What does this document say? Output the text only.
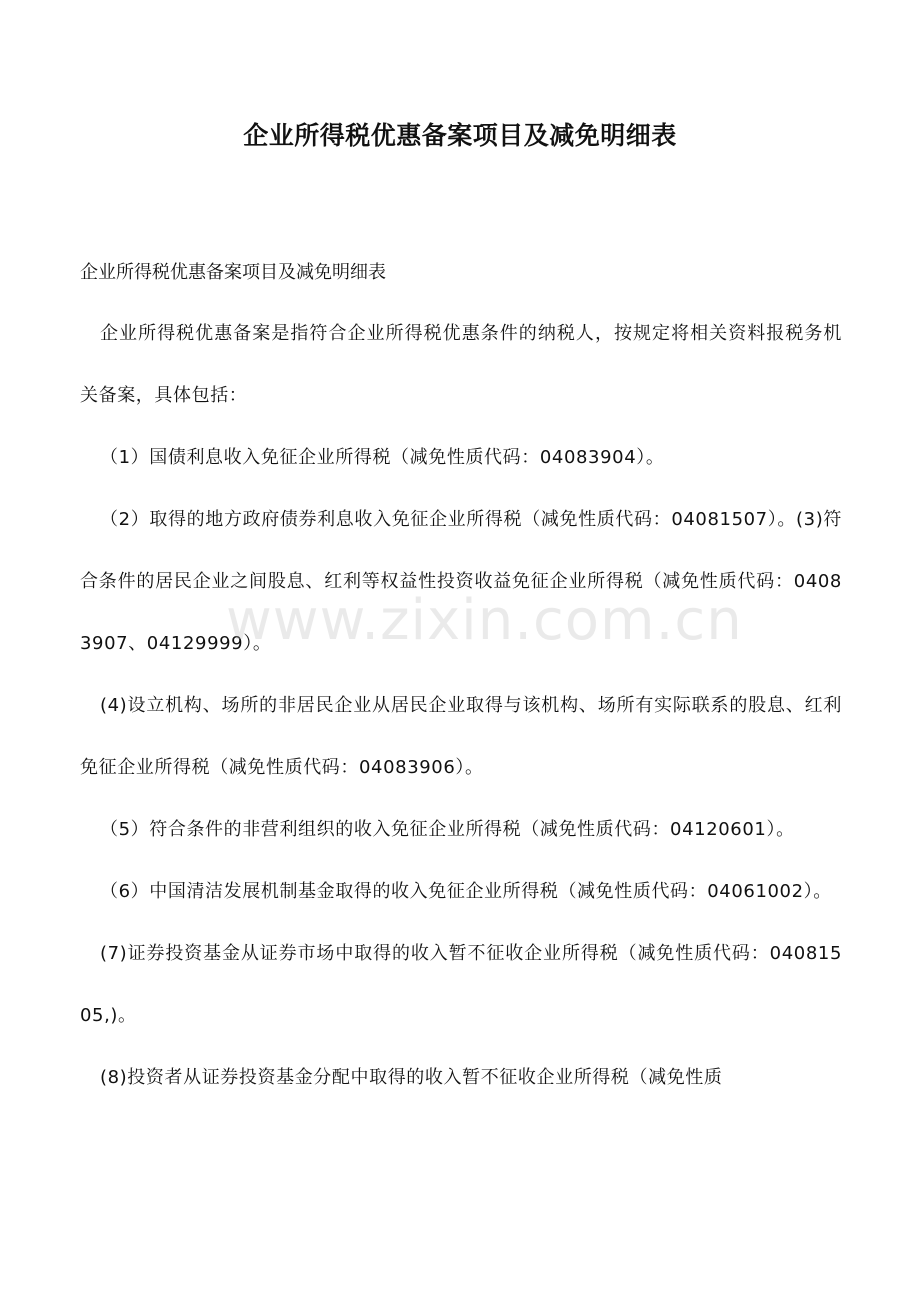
企业所得税优惠备案项目及减免明细表

企业所得税优惠备案项目及减免明细表

企业所得税优惠备案是指符合企业所得税优惠条件的纳税人，按规定将相关资料报税务机关备案，具体包括：

（1）国债利息收入免征企业所得税（减免性质代码：04083904）。

（2）取得的地方政府债券利息收入免征企业所得税（减免性质代码：04081507）。(3)符合条件的居民企业之间股息、红利等权益性投资收益免征企业所得税（减免性质代码：04083907、04129999）。

(4)设立机构、场所的非居民企业从居民企业取得与该机构、场所有实际联系的股息、红利免征企业所得税（减免性质代码：04083906）。

（5）符合条件的非营利组织的收入免征企业所得税（减免性质代码：04120601）。

（6）中国清洁发展机制基金取得的收入免征企业所得税（减免性质代码：04061002）。

(7)证券投资基金从证券市场中取得的收入暂不征收企业所得税（减免性质代码：04081505,)。

(8)投资者从证券投资基金分配中取得的收入暂不征收企业所得税（减免性质

www.zixin.com.cn
